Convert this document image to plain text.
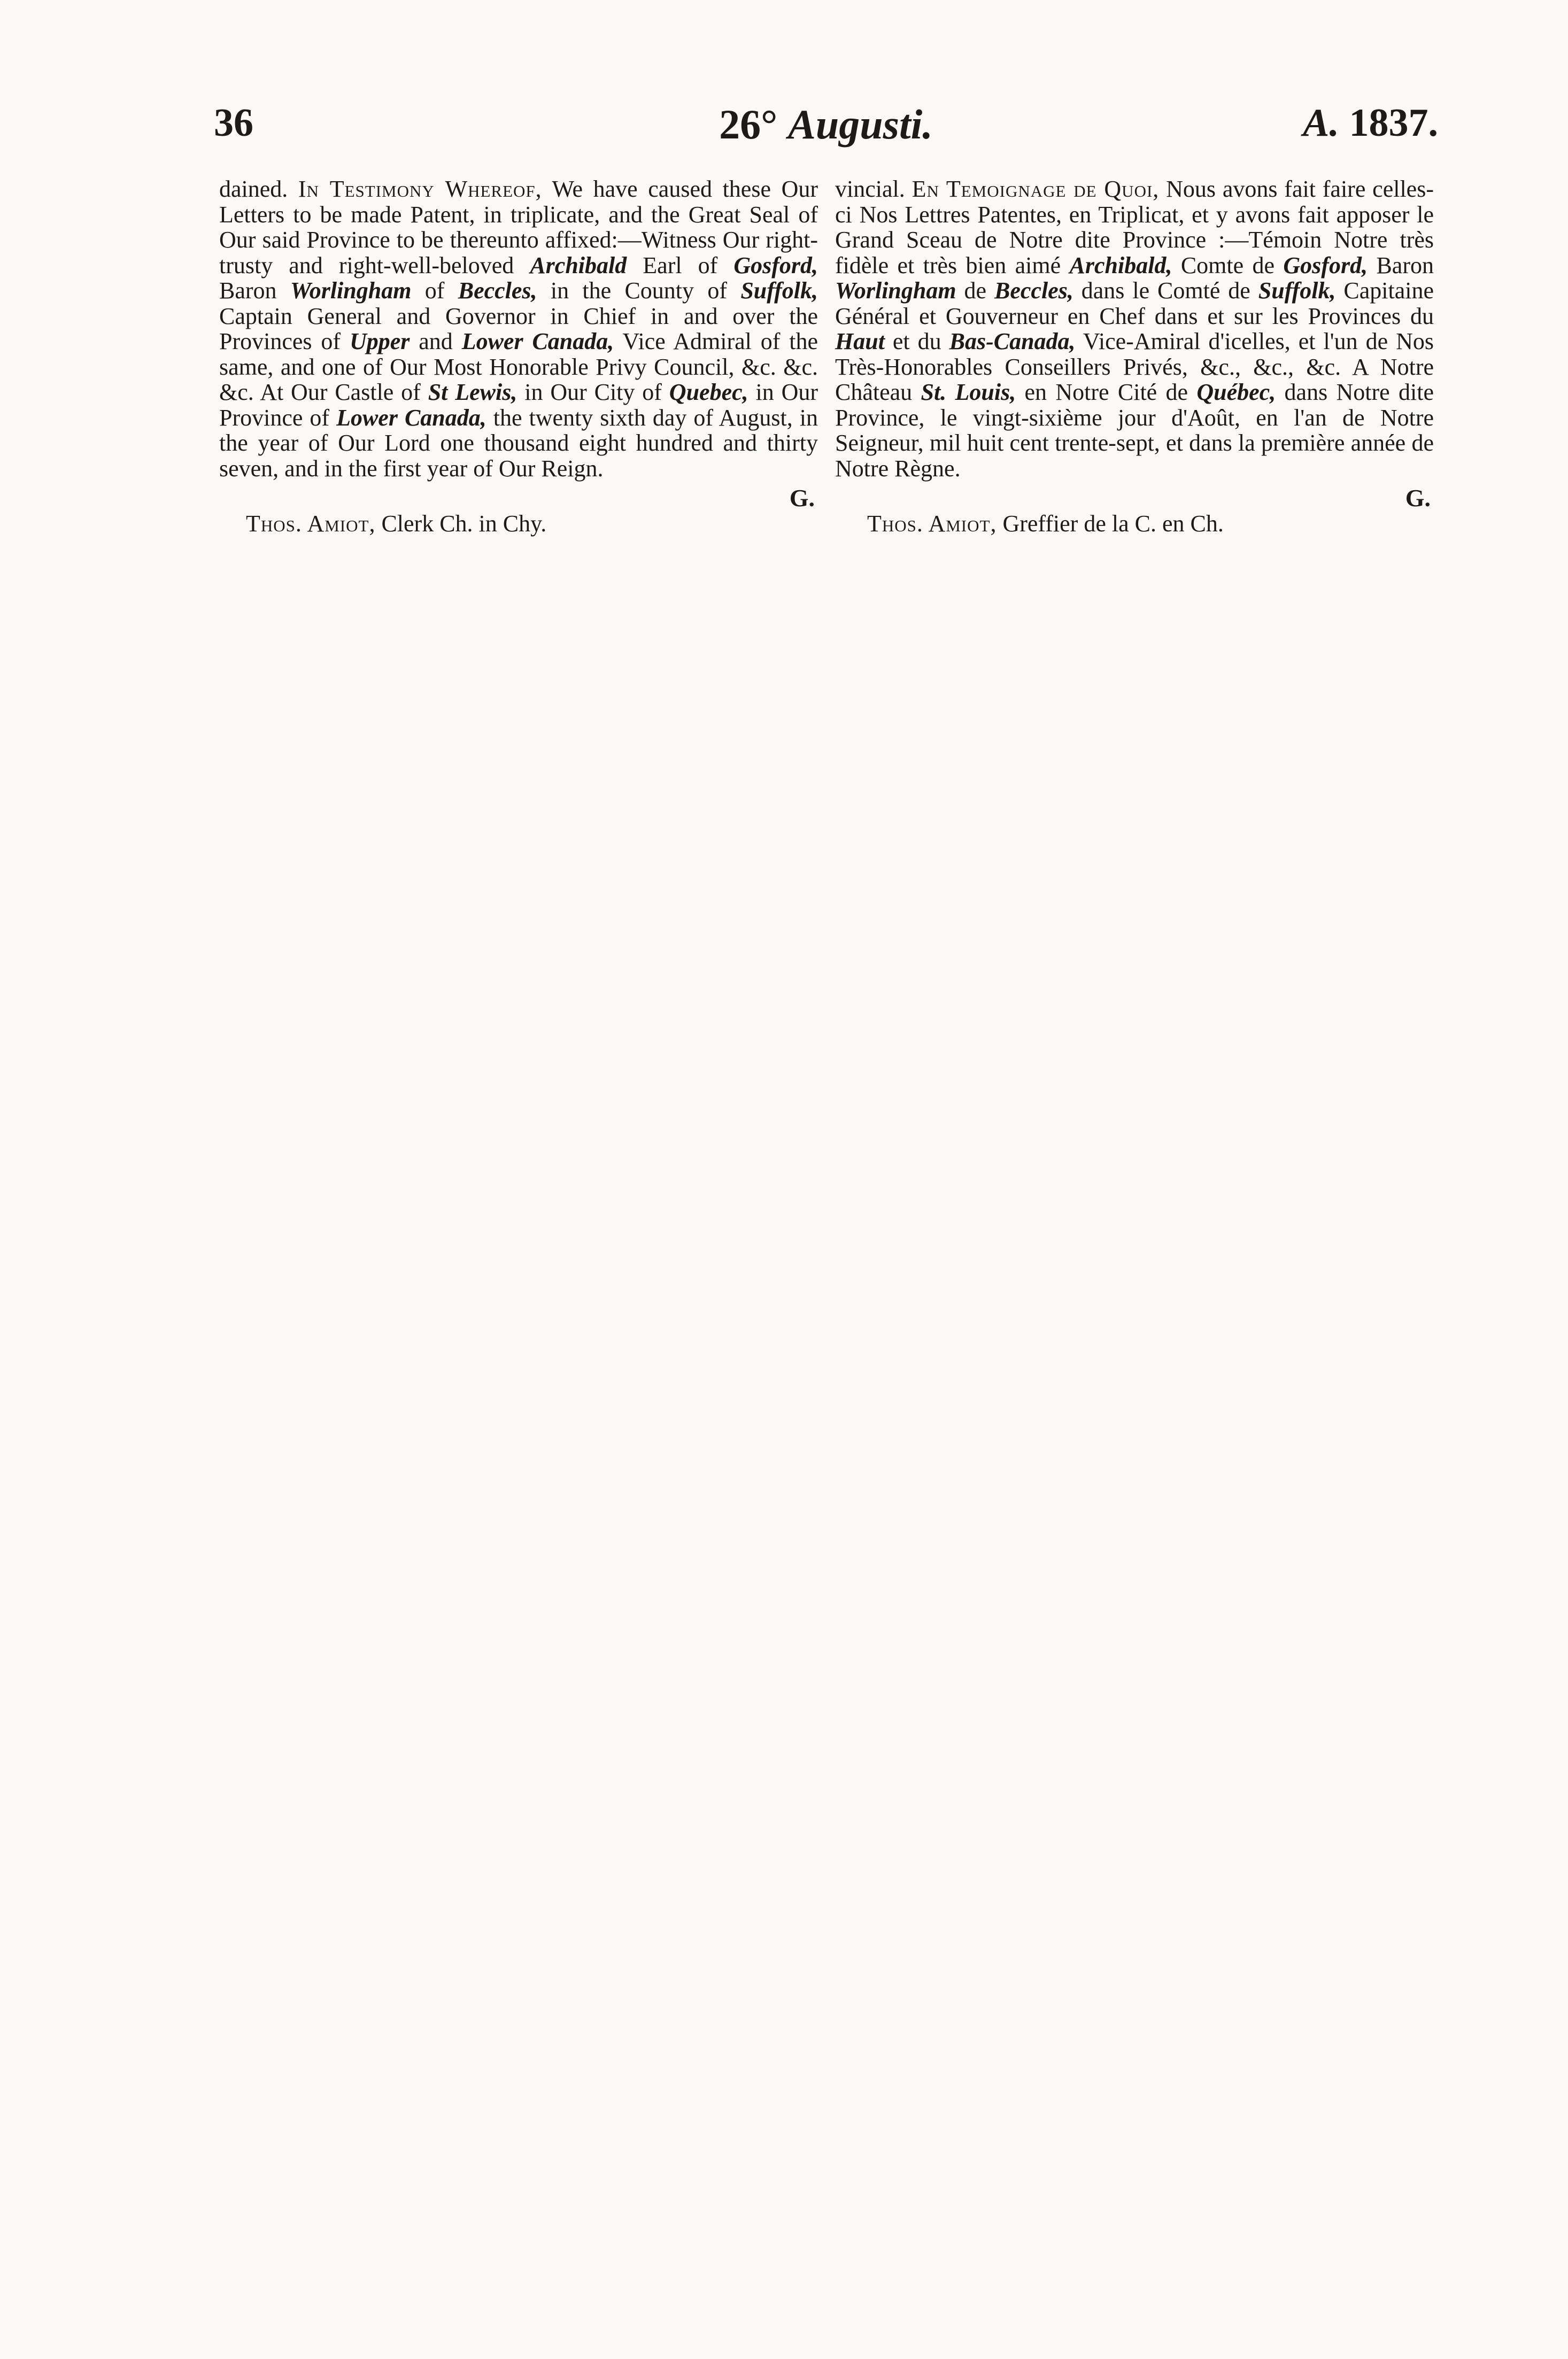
36	26° Augusti.	A. 1837.

dained. In Testimony Whereof, We have caused these Our Letters to be made Patent, in triplicate, and the Great Seal of Our said Province to be thereunto affixed:—Witness Our right-trusty and right-well-beloved Archibald Earl of Gosford, Baron Worlingham of Beccles, in the County of Suffolk, Captain General and Governor in Chief in and over the Provinces of Upper and Lower Canada, Vice Admiral of the same, and one of Our Most Honorable Privy Council, &c. &c. &c. At Our Castle of St Lewis, in Our City of Quebec, in Our Province of Lower Canada, the twenty sixth day of August, in the year of Our Lord one thousand eight hundred and thirty seven, and in the first year of Our Reign.

G.
Thos. Amiot, Clerk Ch. in Chy.

vincial. En Temoignage de Quoi, Nous avons fait faire celles-ci Nos Lettres Patentes, en Triplicat, et y avons fait apposer le Grand Sceau de Notre dite Province :—Témoin Notre très fidèle et très bien aimé Archibald, Comte de Gosford, Baron Worlingham de Beccles, dans le Comté de Suffolk, Capitaine Général et Gouverneur en Chef dans et sur les Provinces du Haut et du Bas-Canada, Vice-Amiral d'icelles, et l'un de Nos Très-Honorables Conseillers Privés, &c., &c., &c. A Notre Château St. Louis, en Notre Cité de Québec, dans Notre dite Province, le vingt-sixième jour d'Août, en l'an de Notre Seigneur, mil huit cent trente-sept, et dans la première année de Notre Règne.

G.
Thos. Amiot, Greffier de la C. en Ch.
